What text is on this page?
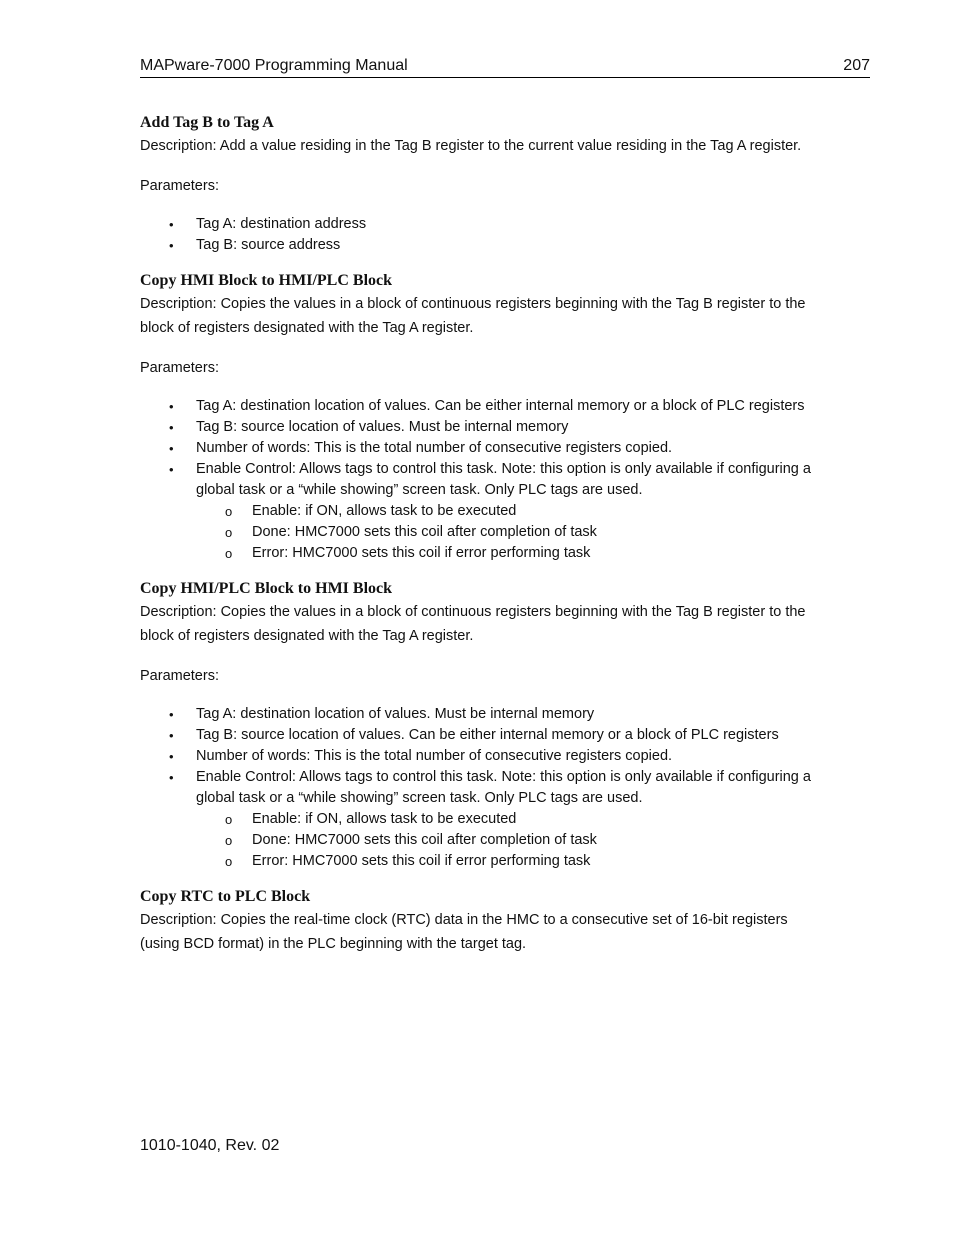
MAPware-7000 Programming Manual	207
Add Tag B to Tag A

Description: Add a value residing in the Tag B register to the current value residing in the Tag A register.

Parameters:

• Tag A: destination address
• Tag B: source address
Copy HMI Block to HMI/PLC Block

Description: Copies the values in a block of continuous registers beginning with the Tag B register to the block of registers designated with the Tag A register.

Parameters:

• Tag A: destination location of values. Can be either internal memory or a block of PLC registers
• Tag B: source location of values. Must be internal memory
• Number of words: This is the total number of consecutive registers copied.
• Enable Control: Allows tags to control this task. Note: this option is only available if configuring a global task or a “while showing” screen task. Only PLC tags are used.
o Enable: if ON, allows task to be executed
o Done: HMC7000 sets this coil after completion of task
o Error: HMC7000 sets this coil if error performing task
Copy HMI/PLC Block to HMI Block

Description: Copies the values in a block of continuous registers beginning with the Tag B register to the block of registers designated with the Tag A register.

Parameters:

• Tag A: destination location of values. Must be internal memory
• Tag B: source location of values. Can be either internal memory or a block of PLC registers
• Number of words: This is the total number of consecutive registers copied.
• Enable Control: Allows tags to control this task. Note: this option is only available if configuring a global task or a “while showing” screen task. Only PLC tags are used.
o Enable: if ON, allows task to be executed
o Done: HMC7000 sets this coil after completion of task
o Error: HMC7000 sets this coil if error performing task
Copy RTC to PLC Block

Description: Copies the real-time clock (RTC) data in the HMC to a consecutive set of 16-bit registers (using BCD format) in the PLC beginning with the target tag.

1010-1040, Rev. 02
